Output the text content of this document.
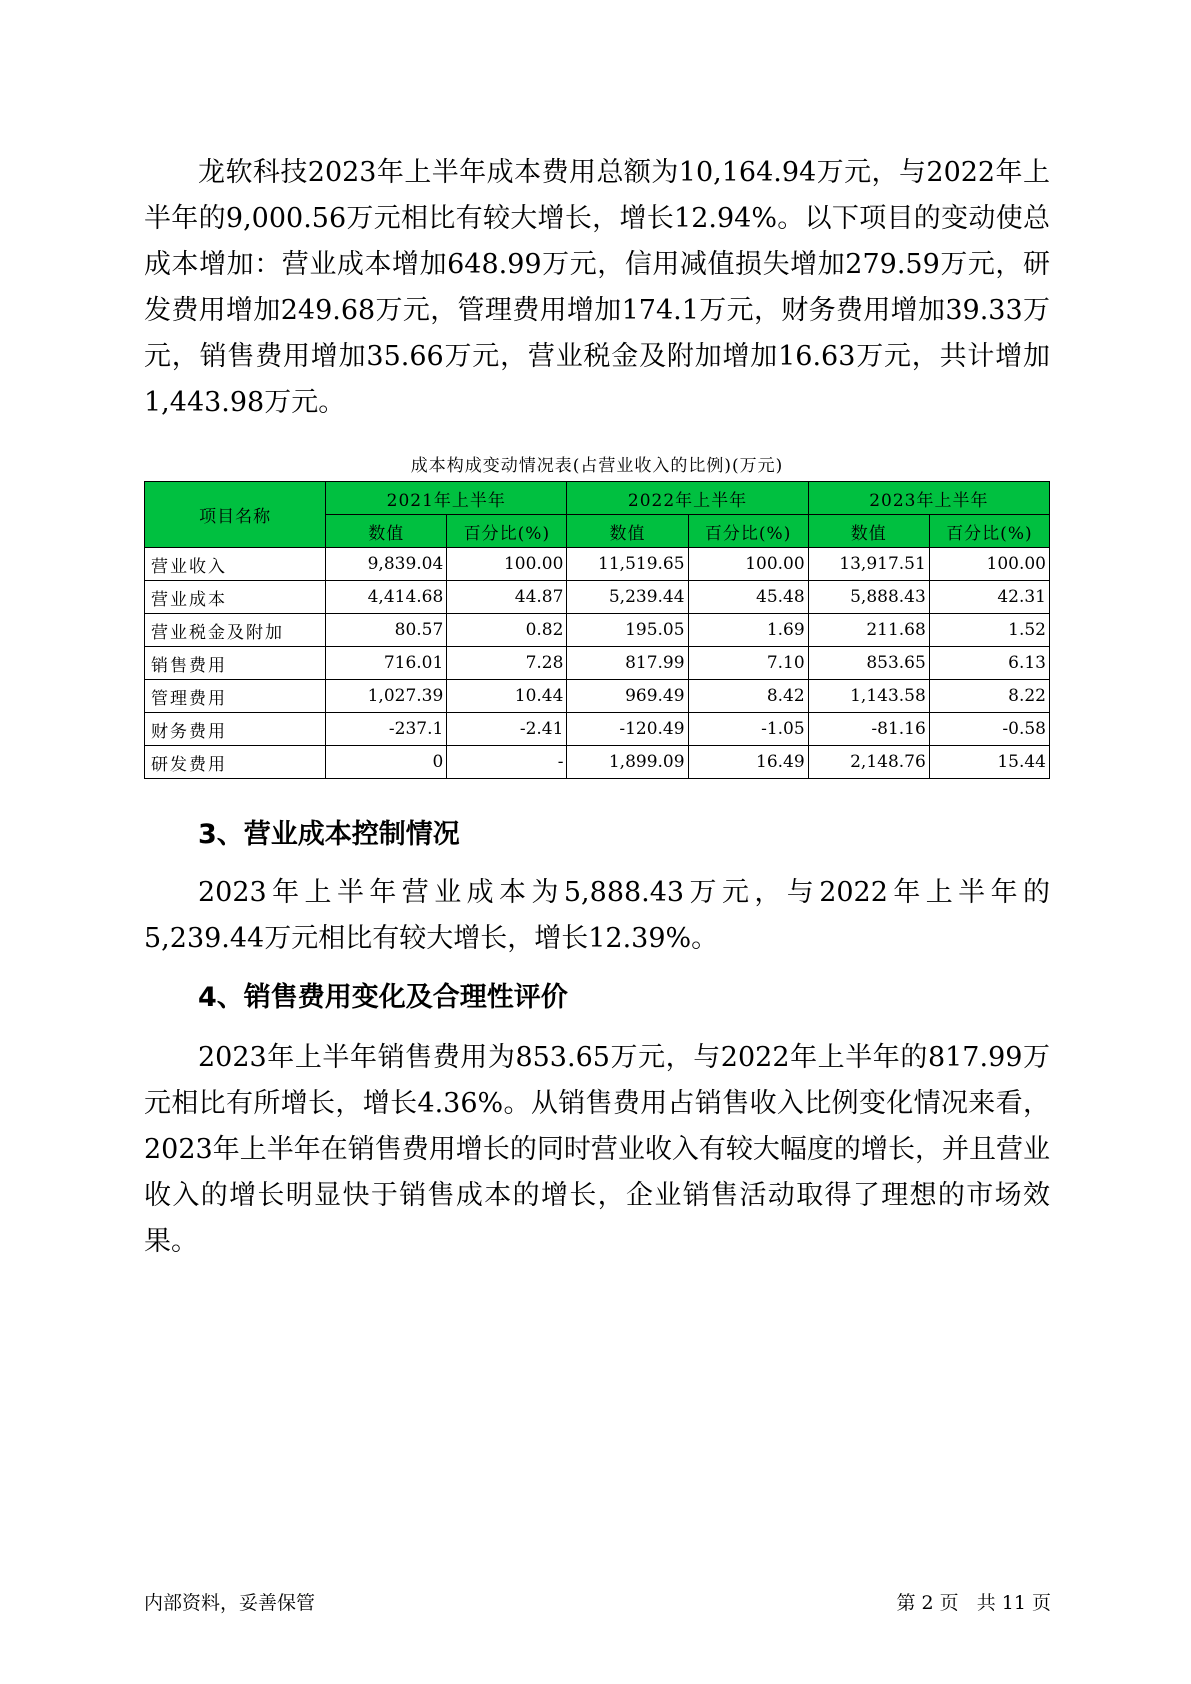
龙软科技2023年上半年成本费用总额为10,164.94万元，与2022年上半年的9,000.56万元相比有较大增长，增长12.94%。以下项目的变动使总成本增加：营业成本增加648.99万元，信用减值损失增加279.59万元，研发费用增加249.68万元，管理费用增加174.1万元，财务费用增加39.33万元，销售费用增加35.66万元，营业税金及附加增加16.63万元，共计增加1,443.98万元。

成本构成变动情况表(占营业收入的比例)(万元)
项目名称	2021年上半年		2022年上半年		2023年上半年	
	数值	百分比(%)	数值	百分比(%)	数值	百分比(%)
营业收入	9,839.04	100.00	11,519.65	100.00	13,917.51	100.00
营业成本	4,414.68	44.87	5,239.44	45.48	5,888.43	42.31
营业税金及附加	80.57	0.82	195.05	1.69	211.68	1.52
销售费用	716.01	7.28	817.99	7.10	853.65	6.13
管理费用	1,027.39	10.44	969.49	8.42	1,143.58	8.22
财务费用	-237.1	-2.41	-120.49	-1.05	-81.16	-0.58
研发费用	0	-	1,899.09	16.49	2,148.76	15.44
3、营业成本控制情况

2023年上半年营业成本为5,888.43万元，与2022年上半年的5,239.44万元相比有较大增长，增长12.39%。

4、销售费用变化及合理性评价

2023年上半年销售费用为853.65万元，与2022年上半年的817.99万元相比有所增长，增长4.36%。从销售费用占销售收入比例变化情况来看，2023年上半年在销售费用增长的同时营业收入有较大幅度的增长，并且营业收入的增长明显快于销售成本的增长，企业销售活动取得了理想的市场效果。

内部资料，妥善保管	第 2 页   共 11 页
